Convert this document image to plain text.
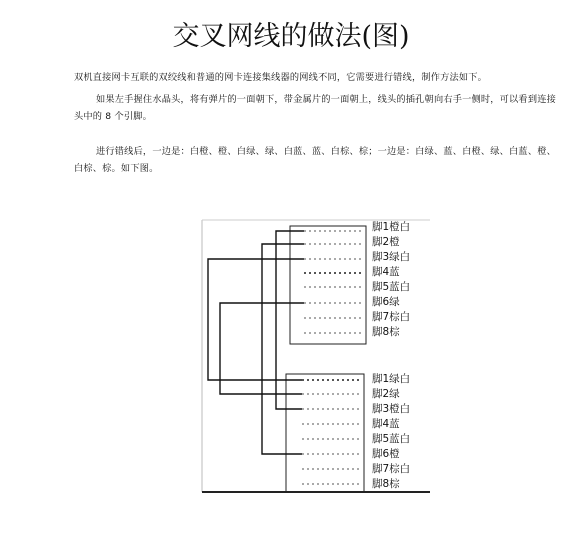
交叉网线的做法(图)

双机直接网卡互联的双绞线和普通的网卡连接集线器的网线不同，它需要进行错线，制作方法如下。

如果左手握住水晶头，将有弹片的一面朝下，带金属片的一面朝上，线头的插孔朝向右手一侧时，可以看到连接头中的 8 个引脚。

进行错线后，一边是：白橙、橙、白绿、绿、白蓝、蓝、白棕、棕；一边是：白绿、蓝、白橙、绿、白蓝、橙、白棕、棕。如下图。

脚1橙白
脚2橙
脚3绿白
脚4蓝
脚5蓝白
脚6绿
脚7棕白
脚8棕
脚1绿白
脚2绿
脚3橙白
脚4蓝
脚5蓝白
脚6橙
脚7棕白
脚8棕
